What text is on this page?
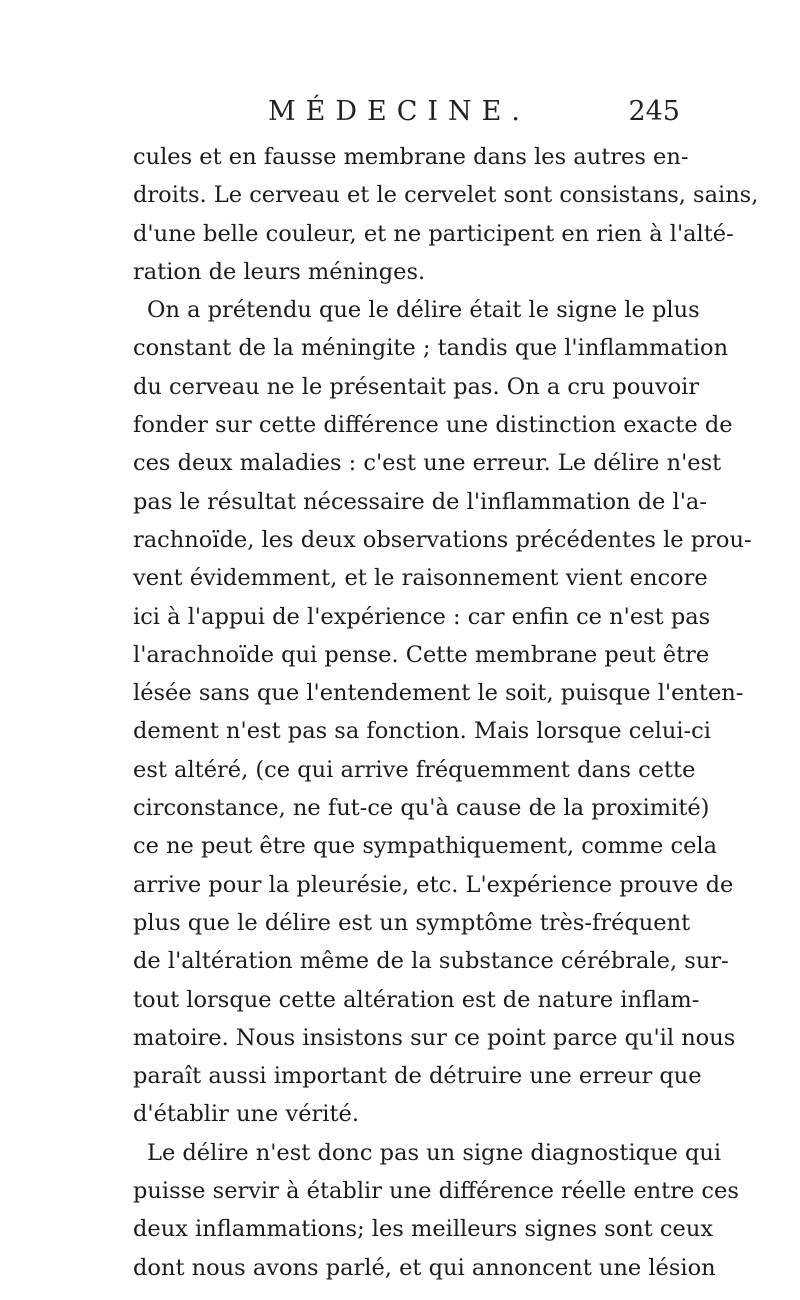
MÉDECINE.	245
cules et en fausse membrane dans les autres en-
droits. Le cerveau et le cervelet sont consistans, sains,
d'une belle couleur, et ne participent en rien à l'alté-
ration de leurs méninges.
On a prétendu que le délire était le signe le plus
constant de la méningite ; tandis que l'inflammation
du cerveau ne le présentait pas. On a cru pouvoir
fonder sur cette différence une distinction exacte de
ces deux maladies : c'est une erreur. Le délire n'est
pas le résultat nécessaire de l'inflammation de l'a-
rachnoïde, les deux observations précédentes le prou-
vent évidemment, et le raisonnement vient encore
ici à l'appui de l'expérience : car enfin ce n'est pas
l'arachnoïde qui pense. Cette membrane peut être
lésée sans que l'entendement le soit, puisque l'enten-
dement n'est pas sa fonction. Mais lorsque celui-ci
est altéré, (ce qui arrive fréquemment dans cette
circonstance, ne fut-ce qu'à cause de la proximité)
ce ne peut être que sympathiquement, comme cela
arrive pour la pleurésie, etc. L'expérience prouve de
plus que le délire est un symptôme très-fréquent
de l'altération même de la substance cérébrale, sur-
tout lorsque cette altération est de nature inflam-
matoire. Nous insistons sur ce point parce qu'il nous
paraît aussi important de détruire une erreur que
d'établir une vérité.
Le délire n'est donc pas un signe diagnostique qui
puisse servir à établir une différence réelle entre ces
deux inflammations; les meilleurs signes sont ceux
dont nous avons parlé, et qui annoncent une lésion
